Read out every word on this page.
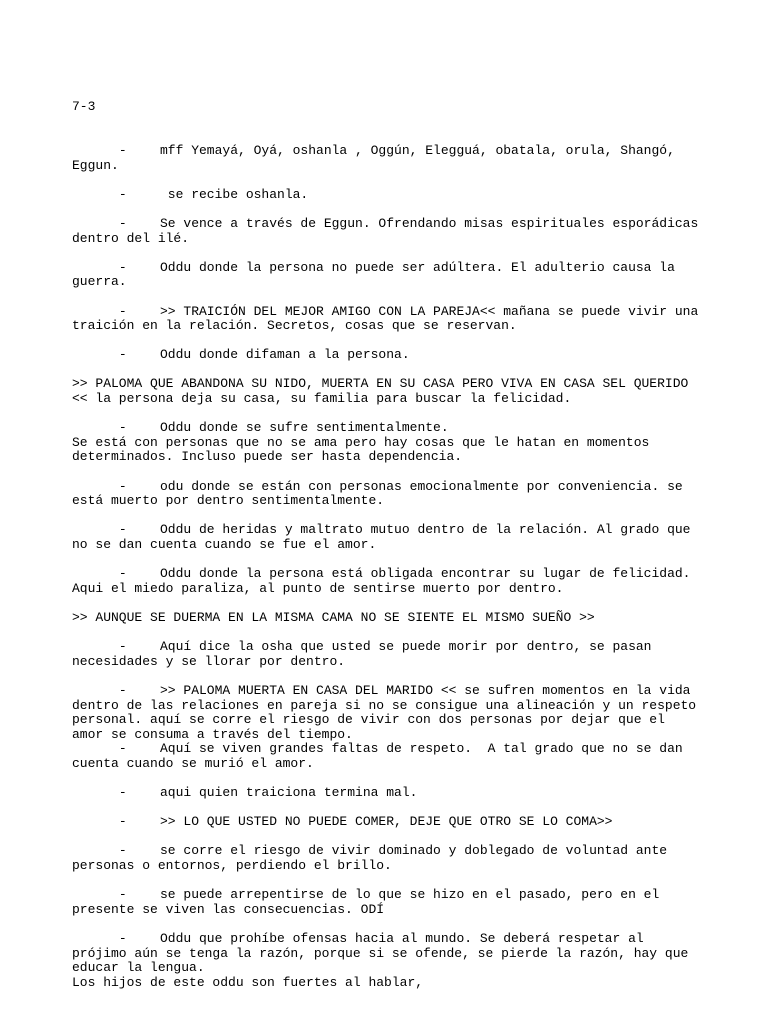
7-3

-	mff Yemayá, Oyá, oshanla , Oggún, Elegguá, obatala, orula, Shangó, Eggun.
-	se recibe oshanla.
-	Se vence a través de Eggun. Ofrendando misas espirituales esporádicas dentro del ilé.
-	Oddu donde la persona no puede ser adúltera. El adulterio causa la guerra.
-	>> TRAICIÓN DEL MEJOR AMIGO CON LA PAREJA<< mañana se puede vivir una traición en la relación. Secretos, cosas que se reservan.
-	Oddu donde difaman a la persona.
>> PALOMA QUE ABANDONA SU NIDO, MUERTA EN SU CASA PERO VIVA EN CASA SEL QUERIDO << la persona deja su casa, su familia para buscar la felicidad.
-	Oddu donde se sufre sentimentalmente.
Se está con personas que no se ama pero hay cosas que le hatan en momentos determinados. Incluso puede ser hasta dependencia.
-	odu donde se están con personas emocionalmente por conveniencia. se está muerto por dentro sentimentalmente.
-	Oddu de heridas y maltrato mutuo dentro de la relación. Al grado que no se dan cuenta cuando se fue el amor.
-	Oddu donde la persona está obligada encontrar su lugar de felicidad. Aqui el miedo paraliza, al punto de sentirse muerto por dentro.
>> AUNQUE SE DUERMA EN LA MISMA CAMA NO SE SIENTE EL MISMO SUEÑO >>
-	Aquí dice la osha que usted se puede morir por dentro, se pasan necesidades y se llorar por dentro.
-	>> PALOMA MUERTA EN CASA DEL MARIDO << se sufren momentos en la vida dentro de las relaciones en pareja si no se consigue una alineación y un respeto personal. aquí se corre el riesgo de vivir con dos personas por dejar que el amor se consuma a través del tiempo.
-	Aquí se viven grandes faltas de respeto.  A tal grado que no se dan cuenta cuando se murió el amor.
-	aqui quien traiciona termina mal.
-	>> LO QUE USTED NO PUEDE COMER, DEJE QUE OTRO SE LO COMA>>
-	se corre el riesgo de vivir dominado y doblegado de voluntad ante personas o entornos, perdiendo el brillo.
-	se puede arrepentirse de lo que se hizo en el pasado, pero en el presente se viven las consecuencias. ODÍ
-	Oddu que prohíbe ofensas hacia al mundo. Se deberá respetar al prójimo aún se tenga la razón, porque si se ofende, se pierde la razón, hay que educar la lengua.
Los hijos de este oddu son fuertes al hablar,
